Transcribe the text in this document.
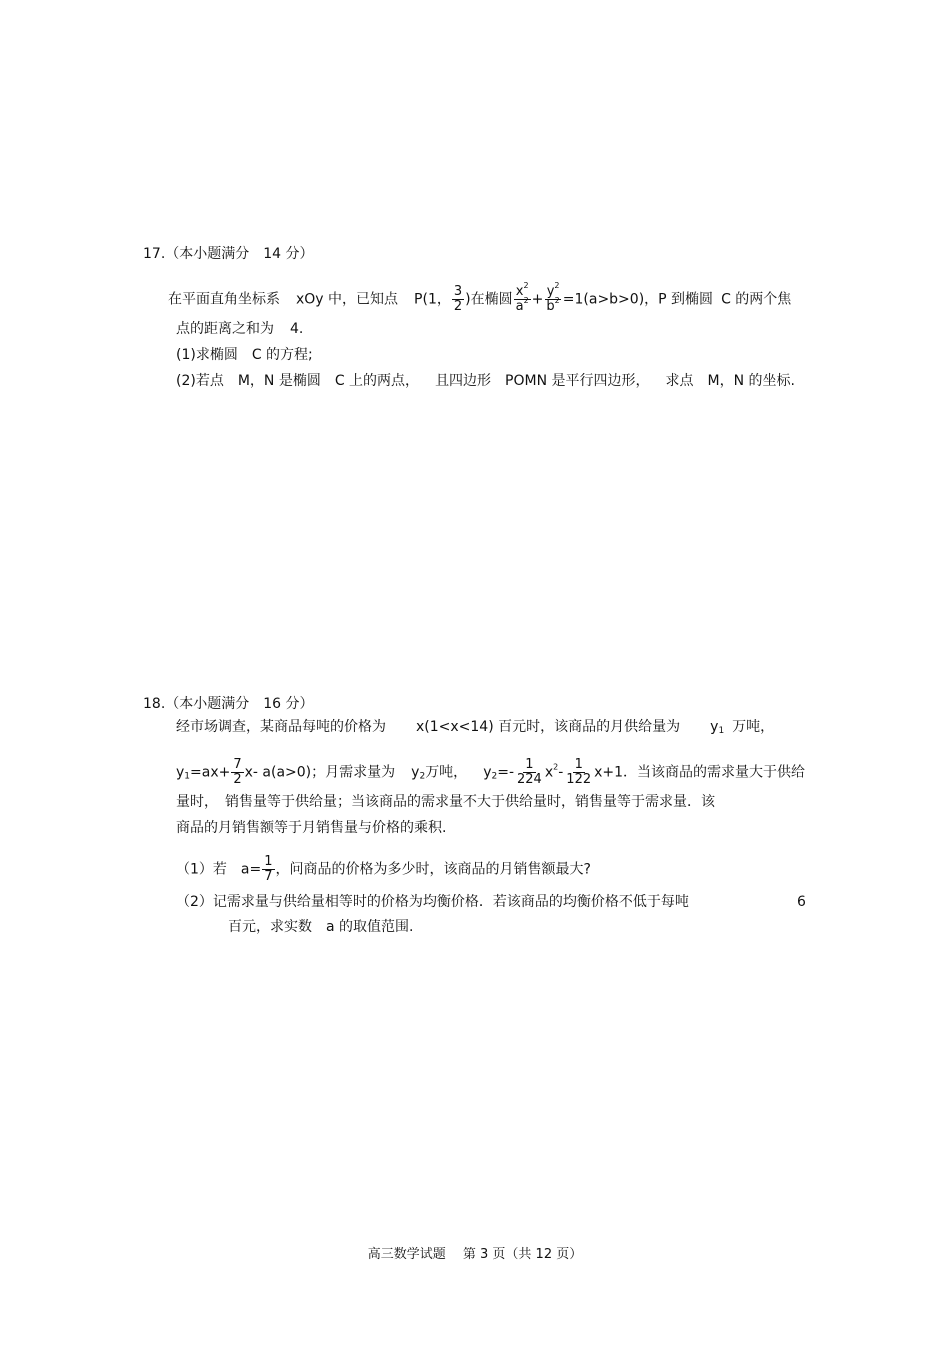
17.（本小题满分　14 分）
在平面直角坐标系 xOy 中，已知点 P(1， $\frac{3}{2}$ )在椭圆 $\frac{x^2}{a^2} + \frac{y^2}{b^2} =1(a>b>0)$，P 到椭圆 C 的两个焦
点的距离之和为 4.
(1)求椭圆　C 的方程;
(2)若点　M，N 是椭圆　C 上的两点， 且四边形　POMN 是平行四边形， 求点　M，N 的坐标.
18.（本小题满分　16 分）
经市场调查，某商品每吨的价格为 x(1<x<14) 百元时，该商品的月供给量为 $y_1$ 万吨，
$y_1=ax+ \frac{7}{2} x-$ a(a>0)；月需求量为 $y_2$万吨， $y_2=- \frac{1}{224} x^2- \frac{1}{122} x+1$．当该商品的需求量大于供给
量时，　销售量等于供给量；当该商品的需求量不大于供给量时，销售量等于需求量．该
商品的月销售额等于月销售量与价格的乘积.
（1）若　$a= \frac{1}{7}$ ，问商品的价格为多少时，该商品的月销售额最大?
（2）记需求量与供给量相等时的价格为均衡价格．若该商品的均衡价格不低于每吨	6
百元，求实数　a 的取值范围.
高三数学试题　 第 3 页（共 12 页）
